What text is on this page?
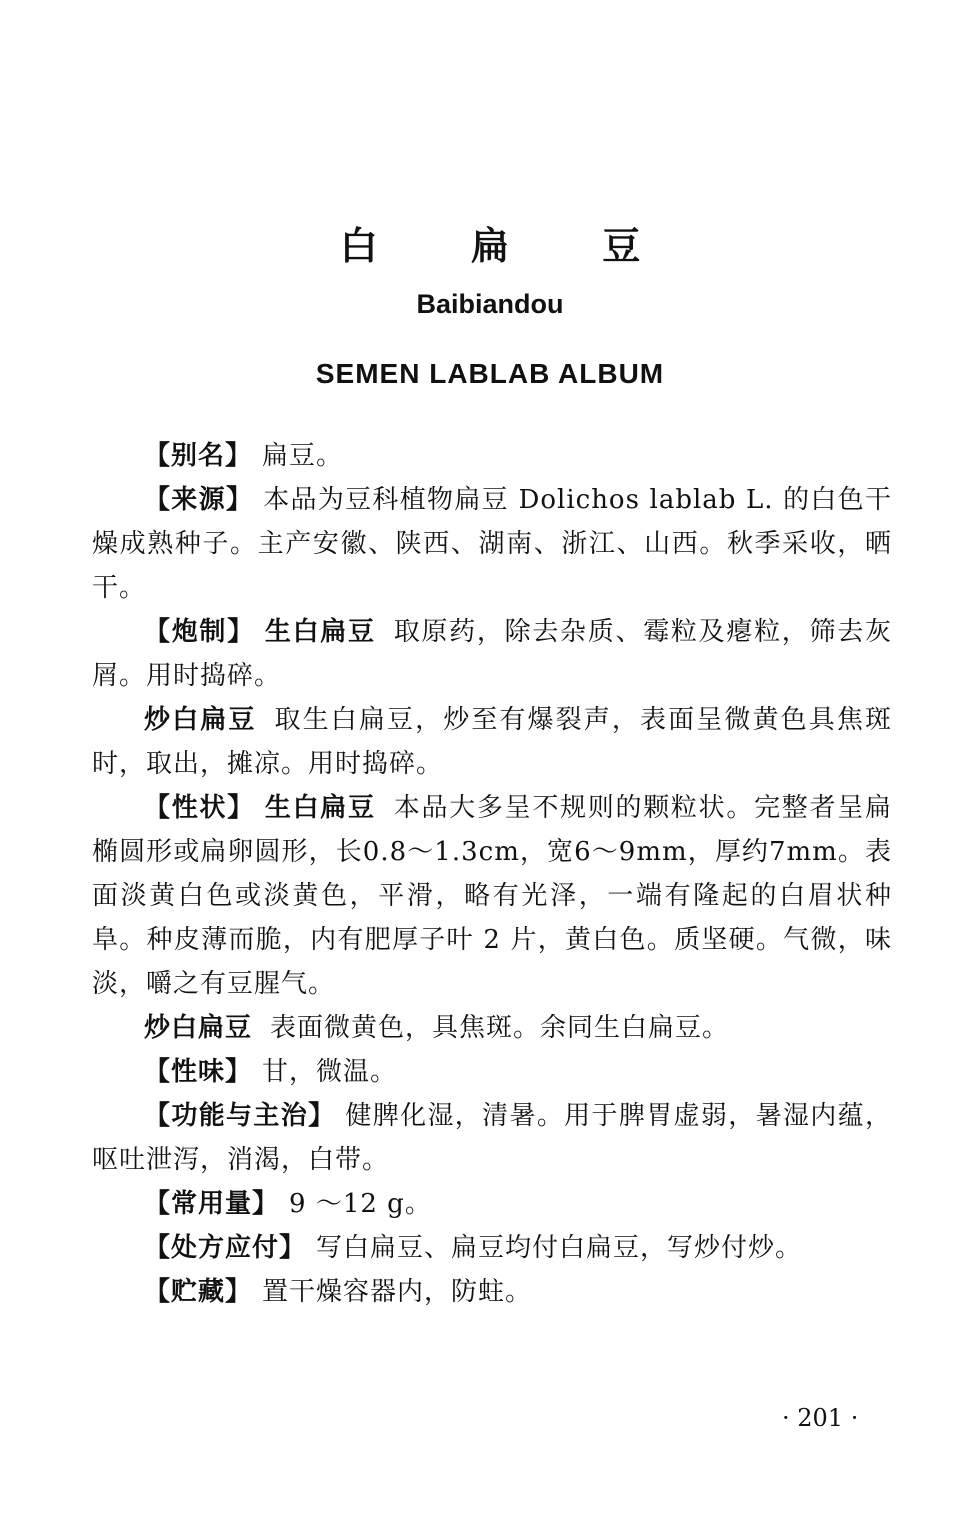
白 扁 豆
Baibiandou
SEMEN LABLAB ALBUM

【别名】 扁豆。

【来源】 本品为豆科植物扁豆 Dolichos lablab L. 的白色干燥成熟种子。主产安徽、陕西、湖南、浙江、山西。秋季采收，晒干。

【炮制】 生白扁豆 取原药，除去杂质、霉粒及瘪粒，筛去灰屑。用时捣碎。

炒白扁豆 取生白扁豆，炒至有爆裂声，表面呈微黄色具焦斑时，取出，摊凉。用时捣碎。

【性状】 生白扁豆 本品大多呈不规则的颗粒状。完整者呈扁椭圆形或扁卵圆形，长0.8～1.3cm，宽6～9mm，厚约7mm。表面淡黄白色或淡黄色，平滑，略有光泽，一端有隆起的白眉状种阜。种皮薄而脆，内有肥厚子叶 2 片，黄白色。质坚硬。气微，味淡，嚼之有豆腥气。

炒白扁豆 表面微黄色，具焦斑。余同生白扁豆。

【性味】 甘，微温。

【功能与主治】 健脾化湿，清暑。用于脾胃虚弱，暑湿内蕴，呕吐泄泻，消渴，白带。

【常用量】 9 ～12 g。

【处方应付】 写白扁豆、扁豆均付白扁豆，写炒付炒。

【贮藏】 置干燥容器内，防蛀。

· 201 ·
